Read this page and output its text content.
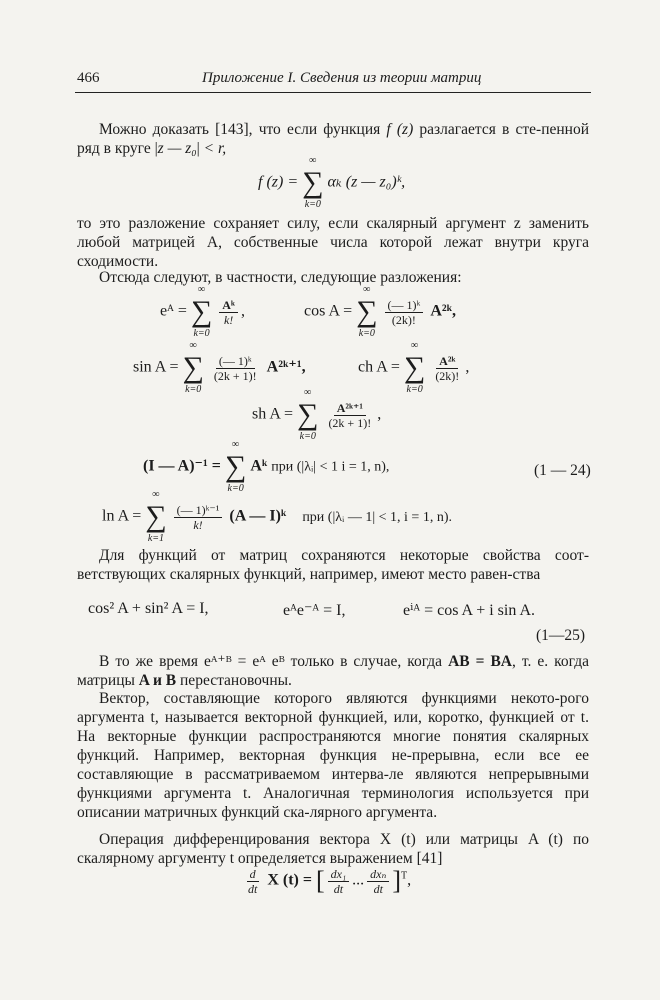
466	Приложение I. Сведения из теории матриц

Можно доказать [143], что если функция f (z) разлагается в сте-пенной ряд в круге |z — z₀| < r,

f (z) = ∑
∞
k=0
αₖ (z — z₀)ᵏ,

то это разложение сохраняет силу, если скалярный аргумент z заменить любой матрицей A, собственные числа которой лежат внутри круга сходимости.

Отсюда следуют, в частности, следующие разложения:

eᴬ = ∑
∞
k=0

$\frac{\text{Aᵏ}}{k!}$ ,	cos A = ∑
∞
k=0

$\frac{\text{(— 1)ᵏ}}{(2k)!}$ A²ᵏ,
sin A = ∑
∞
k=0

$\frac{\text{(— 1)ᵏ}}{(2k + 1)!}$ A²ᵏ⁺¹,	ch A = ∑
∞
k=0

$\frac{\text{A²ᵏ}}{(2k)!}$ ,
sh A = ∑
∞
k=0

$\frac{\text{A²ᵏ⁺¹}}{(2k + 1)!}$ ,
(I — A)⁻¹ = ∑
∞
k=0
Aᵏ при (|λᵢ| < 1 i = 1, n),	(1 — 24)
ln A = ∑
∞
k=1

$\frac{\text{(— 1)ᵏ⁻¹}}{k!} (A$ — I)ᵏ при (|λᵢ — 1| < 1, i = 1, n).

Для функций от матриц сохраняются некоторые свойства соот-ветствующих скалярных функций, например, имеют место равен-ства

cos² A + sin² A = I,	eᴬe⁻ᴬ = I,	eⁱᴬ = cos A + i sin A.
(1—25)

В то же время eᴬ⁺ᴮ = eᴬ eᴮ только в случае, когда AB = BA, т. е. когда матрицы A и B перестановочны.

Вектор, составляющие которого являются функциями некото-рого аргумента t, называется векторной функцией, или, коротко, функцией от t. На векторные функции распространяются многие понятия скалярных функций. Например, векторная функция не-прерывна, если все ее составляющие в рассматриваемом интерва-ле являются непрерывными функциями аргумента t. Аналогичная терминология используется при описании матричных функций ска-лярного аргумента.

Операция дифференцирования вектора X (t) или матрицы A (t) по скалярному аргументу t определяется выражением [41]

$\frac{d}{dt}$ X (t) = [ $\frac{\text{dx₁}}{dt}$ ... $\frac{\text{dxₙ}}{dt} ]^T$,
